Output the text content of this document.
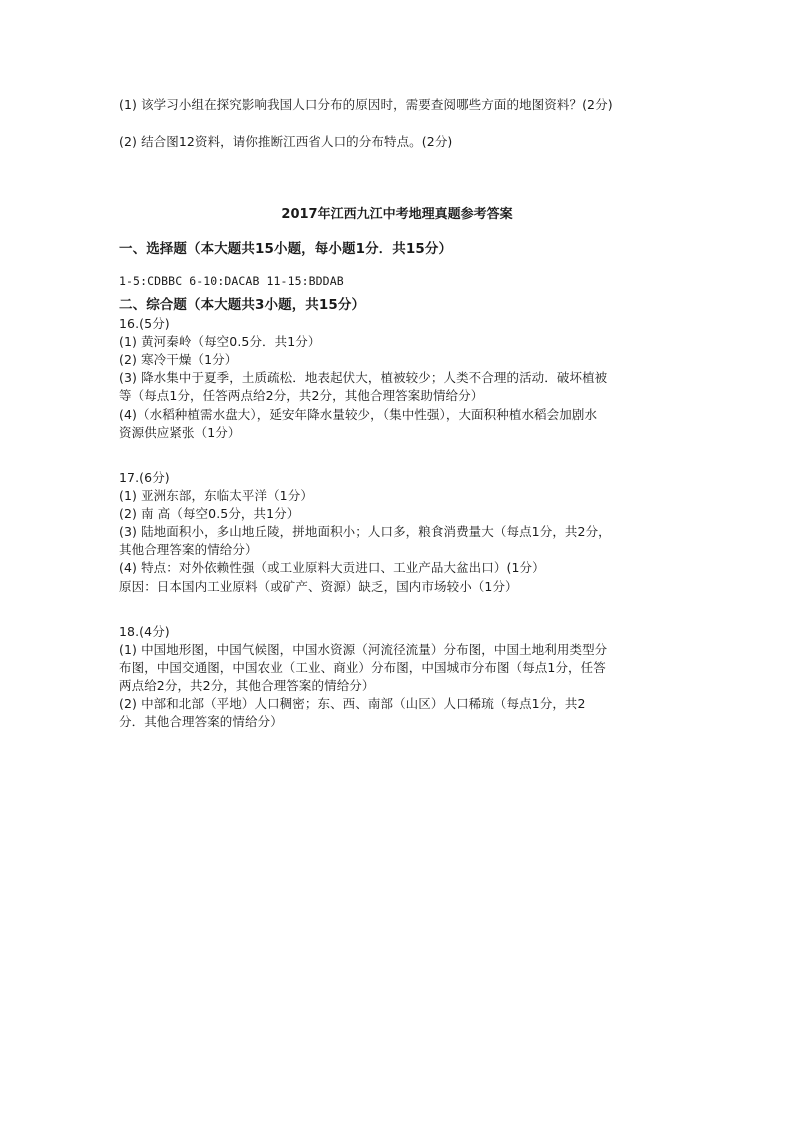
(1) 该学习小组在探究影响我国人口分布的原因时，需要查阅哪些方面的地图资料？(2分)
(2) 结合图12资料，请你推断江西省人口的分布特点。(2分)
2017年江西九江中考地理真题参考答案
一、选择题（本大题共15小题，每小题1分．共15分）
1-5:CDBBC 6-10:DACAB 11-15:BDDAB
二、综合题（本大题共3小题，共15分）
16.(5分)
(1) 黄河秦岭（每空0.5分．共1分）
(2) 寒冷干燥（1分）
(3) 降水集中于夏季，土质疏松．地表起伏大，植被较少；人类不合理的活动．破坏植被
等（每点1分，任答两点给2分，共2分，其他合理答案助情给分）
(4)（水稻种植需水盘大），延安年降水量较少，（集中性强），大面积种植水稻会加剧水
资源供应紧张（1分）
17.(6分)
(1) 亚洲东部，东临太平洋（1分）
(2) 南 高（每空0.5分，共1分）
(3) 陆地面积小，多山地丘陵，拼地面积小；人口多，粮食消费量大（每点1分，共2分，
其他合理答案的情给分）
(4) 特点：对外依赖性强（或工业原料大贡进口、工业产品大盆出口）(1分）
原因：日本国内工业原料（或矿产、资源）缺乏，国内市场较小（1分）
18.(4分)
(1) 中国地形图，中国气候图，中国水资源（河流径流量）分布图，中国土地利用类型分
布图，中国交通图，中国农业（工业、商业）分布图，中国城市分布图（每点1分，任答
两点给2分，共2分，其他合理答案的情给分）
(2) 中部和北部（平地）人口稠密；东、西、南部（山区）人口稀琉（每点1分，共2
分．其他合理答案的情给分）
